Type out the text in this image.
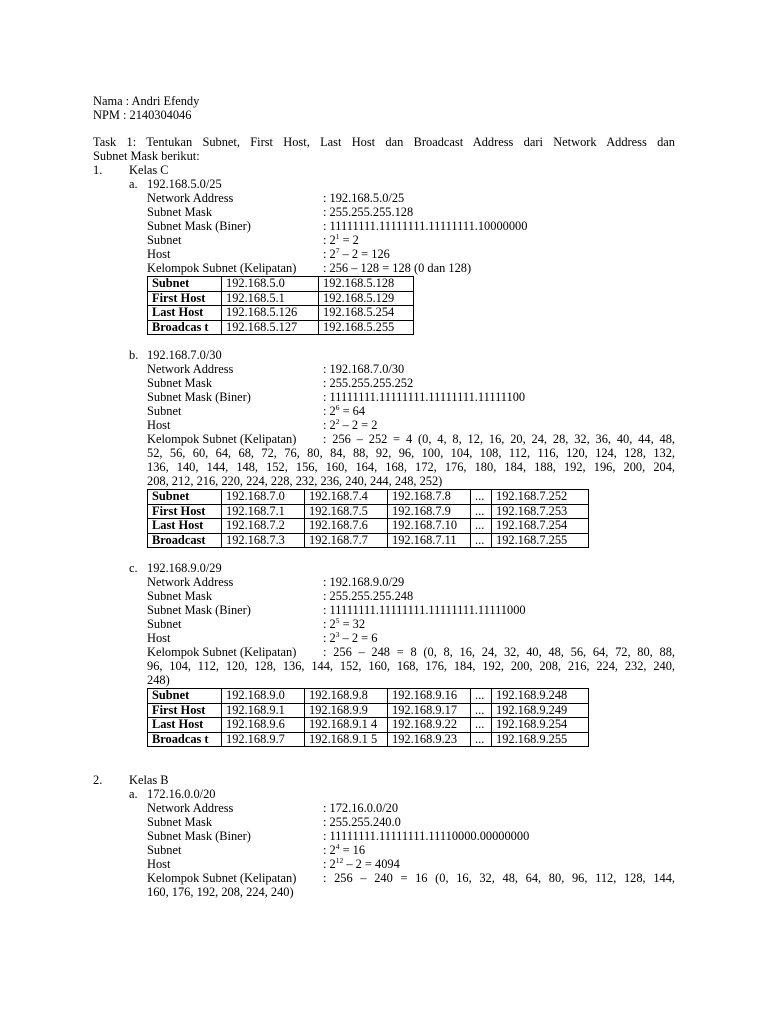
Nama : Andri Efendy
NPM : 2140304046
Task 1: Tentukan Subnet, First Host, Last Host dan Broadcast Address dari Network Address dan
Subnet Mask berikut:
1. Kelas C
a. 192.168.5.0/25
Network Address	: 192.168.5.0/25
Subnet Mask	: 255.255.255.128
Subnet Mask (Biner)	: 11111111.11111111.11111111.10000000
Subnet	: $2^1 = 2$
Host	: $2^7 - 2 = 126$
Kelompok Subnet (Kelipatan)	: 256 – 128 = 128 (0 dan 128)
Subnet	192.168.5.0	192.168.5.128
First Host	192.168.5.1	192.168.5.129
Last Host	192.168.5.126	192.168.5.254
Broadcas t	192.168.5.127	192.168.5.255
b. 192.168.7.0/30
Network Address	: 192.168.7.0/30
Subnet Mask	: 255.255.255.252
Subnet Mask (Biner)	: 11111111.11111111.11111111.11111100
Subnet	: $2^6 = 64$
Host	: $2^2 - 2 = 2$
Kelompok Subnet (Kelipatan)	: 256 – 252 = 4 (0, 4, 8, 12, 16, 20, 24, 28, 32, 36, 40, 44, 48,
52, 56, 60, 64, 68, 72, 76, 80, 84, 88, 92, 96, 100, 104, 108, 112, 116, 120, 124, 128, 132,
136, 140, 144, 148, 152, 156, 160, 164, 168, 172, 176, 180, 184, 188, 192, 196, 200, 204,
208, 212, 216, 220, 224, 228, 232, 236, 240, 244, 248, 252)
Subnet	192.168.7.0	192.168.7.4	192.168.7.8	...	192.168.7.252
First Host	192.168.7.1	192.168.7.5	192.168.7.9	...	192.168.7.253
Last Host	192.168.7.2	192.168.7.6	192.168.7.10	...	192.168.7.254
Broadcast	192.168.7.3	192.168.7.7	192.168.7.11	...	192.168.7.255
c. 192.168.9.0/29
Network Address	: 192.168.9.0/29
Subnet Mask	: 255.255.255.248
Subnet Mask (Biner)	: 11111111.11111111.11111111.11111000
Subnet	: $2^5 = 32$
Host	: $2^3 - 2 = 6$
Kelompok Subnet (Kelipatan)	: 256 – 248 = 8 (0, 8, 16, 24, 32, 40, 48, 56, 64, 72, 80, 88,
96, 104, 112, 120, 128, 136, 144, 152, 160, 168, 176, 184, 192, 200, 208, 216, 224, 232, 240,
248)
Subnet	192.168.9.0	192.168.9.8	192.168.9.16	...	192.168.9.248
First Host	192.168.9.1	192.168.9.9	192.168.9.17	...	192.168.9.249
Last Host	192.168.9.6	192.168.9.1 4	192.168.9.22	...	192.168.9.254
Broadcas t	192.168.9.7	192.168.9.1 5	192.168.9.23	...	192.168.9.255
2. Kelas B
a. 172.16.0.0/20
Network Address	: 172.16.0.0/20
Subnet Mask	: 255.255.240.0
Subnet Mask (Biner)	: 11111111.11111111.11110000.00000000
Subnet	: $2^4 = 16$
Host	: $2^{12} - 2 = 4094$
Kelompok Subnet (Kelipatan)	: 256 – 240 = 16 (0, 16, 32, 48, 64, 80, 96, 112, 128, 144,
160, 176, 192, 208, 224, 240)
